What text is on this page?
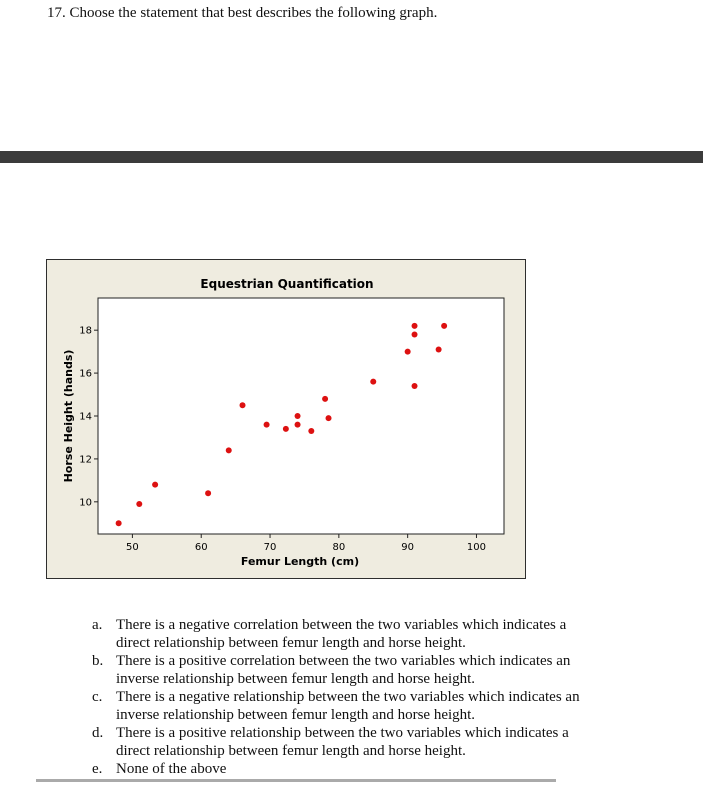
17. Choose the statement that best describes the following graph.
Equestrian Quantification
Femur Length (cm)
Horse Height (hands)
50	60	70	80	90	100
10
12
14
16
18
a. There is a negative correlation between the two variables which indicates a direct relationship between femur length and horse height.
b. There is a positive correlation between the two variables which indicates an inverse relationship between femur length and horse height.
c. There is a negative relationship between the two variables which indicates an inverse relationship between femur length and horse height.
d. There is a positive relationship between the two variables which indicates a direct relationship between femur length and horse height.
e. None of the above
